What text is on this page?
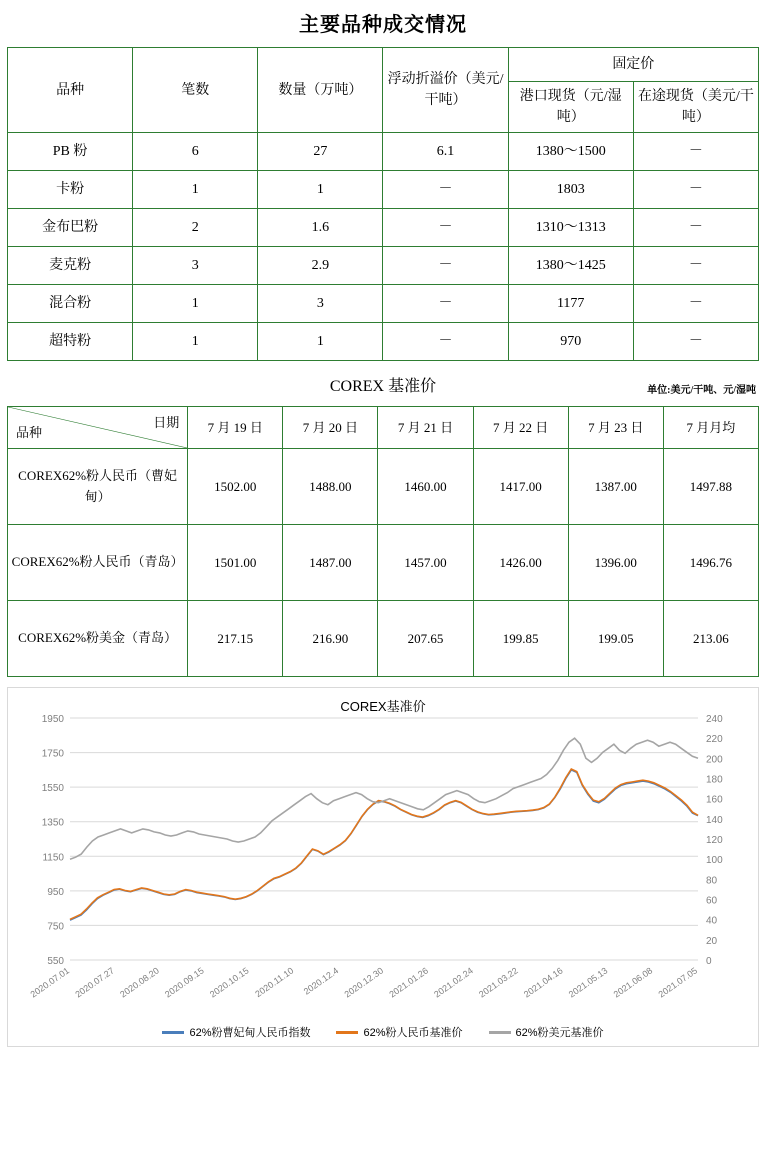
主要品种成交情况
品种	笔数	数量（万吨）	浮动折溢价（美元/干吨）	固定价	
				港口现货（元/湿吨）	在途现货（美元/干吨）
PB 粉	6	27	6.1	1380～1500	－
卡粉	1	1	－	1803	－
金布巴粉	2	1.6	－	1310～1313	－
麦克粉	3	2.9	－	1380～1425	－
混合粉	1	3	－	1177	－
超特粉	1	1	－	970	－
COREX 基准价	单位:美元/干吨、元/湿吨
日期
品种	7 月 19 日	7 月 20 日	7 月 21 日	7 月 22 日	7 月 23 日	7 月月均
COREX62%粉人民币（曹妃甸）	1502.00	1488.00	1460.00	1417.00	1387.00	1497.88
COREX62%粉人民币（青岛）	1501.00	1487.00	1457.00	1426.00	1396.00	1496.76
COREX62%粉美金（青岛）	217.15	216.90	207.65	199.85	199.05	213.06
COREX基准价
550
750
950
1150
1350
1550
1750
1950
0
20
40
60
80
100
120
140
160
180
200
220
240
2020.07.01 2020.07.27 2020.08.20 2020.09.15 2020.10.15 2020.11.10 2020.12.4 2020.12.30 2021.01.26 2021.02.24 2021.03.22 2021.04.16 2021.05.13 2021.06.08 2021.07.05
62%粉曹妃甸人民币指数	62%粉人民币基准价	62%粉美元基准价
